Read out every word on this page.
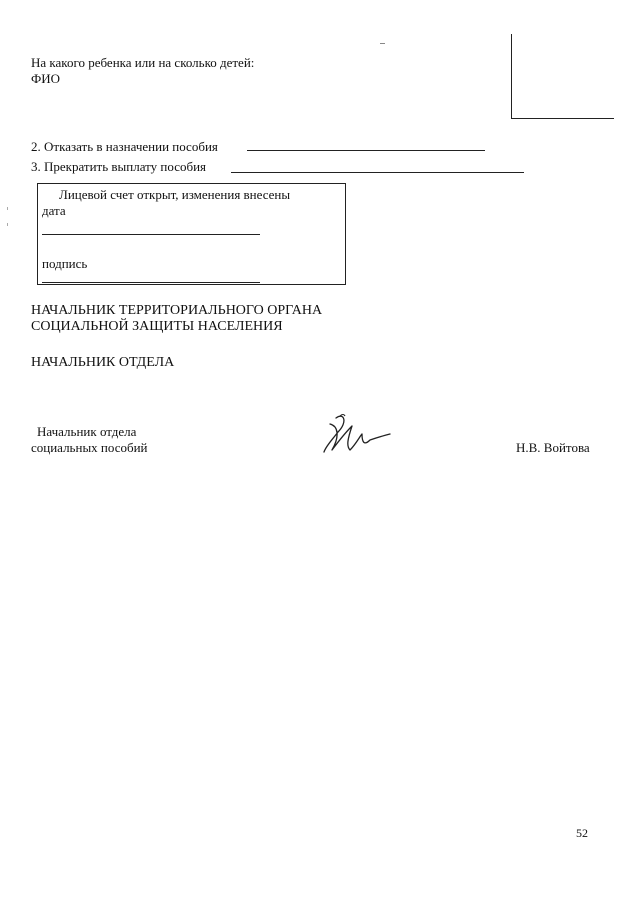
На какого ребенка или на сколько детей:
ФИО
2. Отказать в назначении пособия
3. Прекратить выплату пособия
Лицевой счет открыт, изменения внесены
дата
подпись
НАЧАЛЬНИК ТЕРРИТОРИАЛЬНОГО ОРГАНА
СОЦИАЛЬНОЙ ЗАЩИТЫ НАСЕЛЕНИЯ
НАЧАЛЬНИК ОТДЕЛА
Начальник отдела
социальных пособий	Н.В. Войтова
52
